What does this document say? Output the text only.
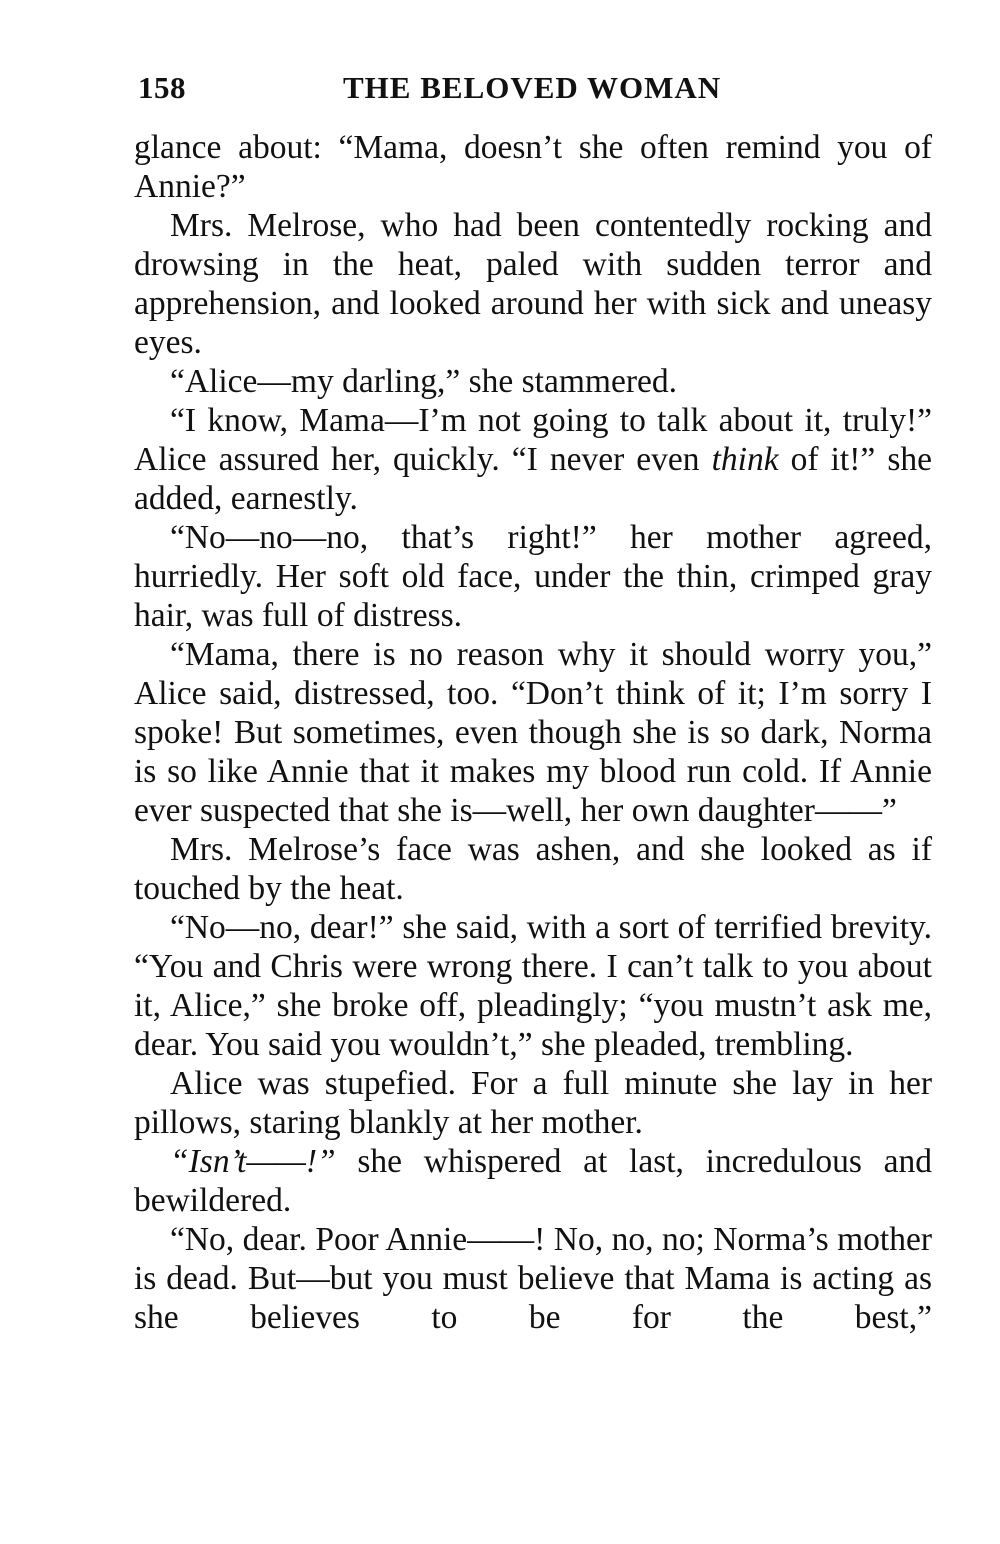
158	THE BELOVED WOMAN

glance about: “Mama, doesn’t she often remind you of Annie?”

Mrs. Melrose, who had been contentedly rocking and drowsing in the heat, paled with sudden terror and apprehension, and looked around her with sick and uneasy eyes.

“Alice—my darling,” she stammered.

“I know, Mama—I’m not going to talk about it, truly!” Alice assured her, quickly. “I never even think of it!” she added, earnestly.

“No—no—no, that’s right!” her mother agreed, hurriedly. Her soft old face, under the thin, crimped gray hair, was full of distress.

“Mama, there is no reason why it should worry you,” Alice said, distressed, too. “Don’t think of it; I’m sorry I spoke! But sometimes, even though she is so dark, Norma is so like Annie that it makes my blood run cold. If Annie ever suspected that she is—well, her own daughter——”

Mrs. Melrose’s face was ashen, and she looked as if touched by the heat.

“No—no, dear!” she said, with a sort of terrified brevity. “You and Chris were wrong there. I can’t talk to you about it, Alice,” she broke off, pleadingly; “you mustn’t ask me, dear. You said you wouldn’t,” she pleaded, trembling.

Alice was stupefied. For a full minute she lay in her pillows, staring blankly at her mother.

“Isn’t——!” she whispered at last, incredulous and bewildered.

“No, dear. Poor Annie——! No, no, no; Norma’s mother is dead. But—but you must believe that Mama is acting as she believes to be for the best,”
